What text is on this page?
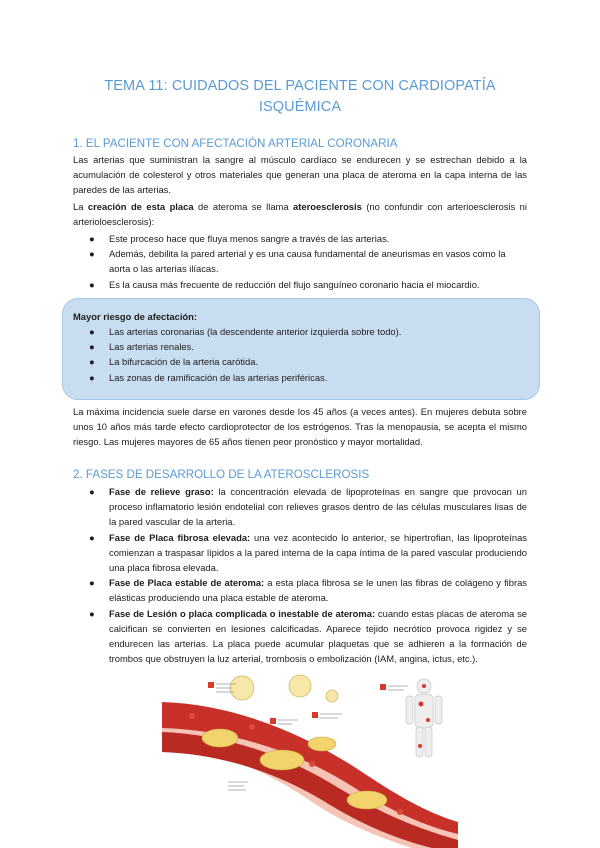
TEMA 11: CUIDADOS DEL PACIENTE CON CARDIOPATÍA
ISQUÉMICA
1. EL PACIENTE CON AFECTACIÓN ARTERIAL CORONARIA
Las arterias que suministran la sangre al músculo cardíaco se endurecen y se estrechan debido a la acumulación de colesterol y otros materiales que generan una placa de ateroma en la capa interna de las paredes de las arterias.
La creación de esta placa de ateroma se llama ateroesclerosis (no confundir con arterioesclerosis ni arterioloesclerosis):
● Este proceso hace que fluya menos sangre a través de las arterias.
● Además, debilita la pared arterial y es una causa fundamental de aneurismas en vasos como la aorta o las arterias ilíacas.
● Es la causa más frecuente de reducción del flujo sanguíneo coronario hacia el miocardio.
Mayor riesgo de afectación:
● Las arterias coronarias (la descendente anterior izquierda sobre todo).
● Las arterias renales.
● La bifurcación de la arteria carótida.
● Las zonas de ramificación de las arterias periféricas.
La máxima incidencia suele darse en varones desde los 45 años (a veces antes). En mujeres debuta sobre unos 10 años más tarde efecto cardioprotector de los estrógenos. Tras la menopausia, se acepta el mismo riesgo. Las mujeres mayores de 65 años tienen peor pronóstico y mayor mortalidad.
2. FASES DE DESARROLLO DE LA ATEROSCLEROSIS
● Fase de relieve graso: la concentración elevada de lipoproteínas en sangre que provocan un proceso inflamatorio lesión endotelial con relieves grasos dentro de las células musculares lisas de la pared vascular de la arteria.
● Fase de Placa fibrosa elevada: una vez acontecido lo anterior, se hipertrofian, las lipoproteínas comienzan a traspasar lípidos a la pared interna de la capa íntima de la pared vascular produciendo una placa fibrosa elevada.
● Fase de Placa estable de ateroma: a esta placa fibrosa se le unen las fibras de colágeno y fibras elásticas produciendo una placa estable de ateroma.
● Fase de Lesión o placa complicada o inestable de ateroma: cuando estas placas de ateroma se calcifican se convierten en lesiones calcificadas. Aparece tejido necrótico provoca rigidez y se endurecen las arterias. La placa puede acumular plaquetas que se adhieren a la formación de trombos que obstruyen la luz arterial, trombosis o embolización (IAM, angina, ictus, etc.).
